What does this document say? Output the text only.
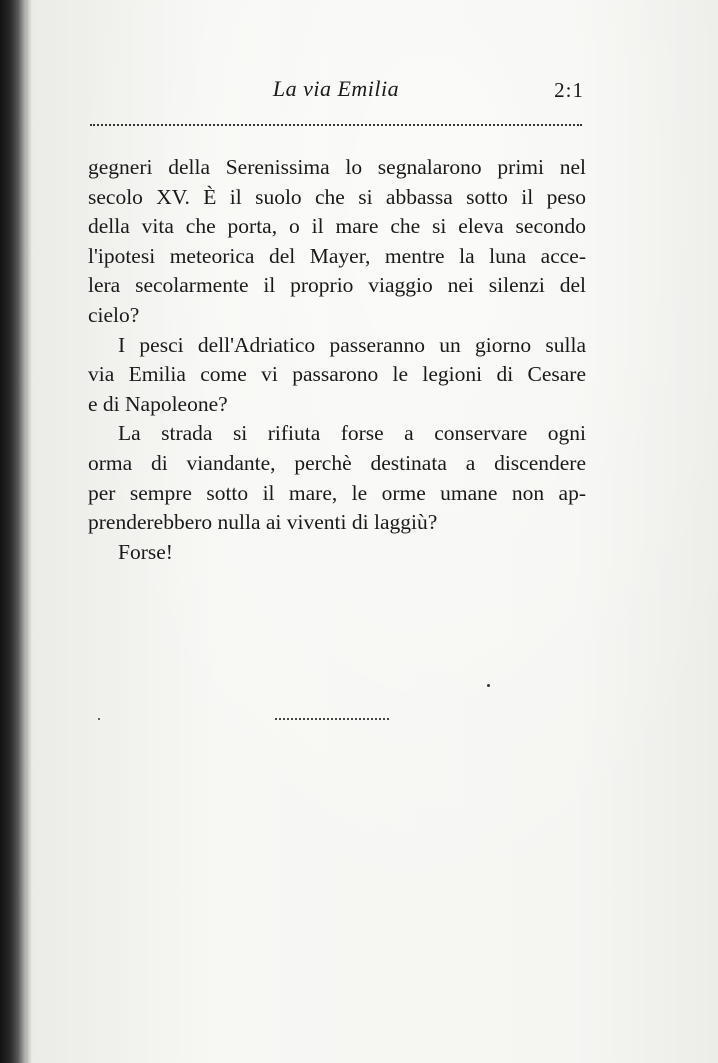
La via Emilia	2:1
gegneri della Serenissima lo segnalarono primi nel
secolo XV. È il suolo che si abbassa sotto il peso
della vita che porta, o il mare che si eleva secondo
l'ipotesi meteorica del Mayer, mentre la luna acce-
lera secolarmente il proprio viaggio nei silenzi del
cielo?
I pesci dell'Adriatico passeranno un giorno sulla
via Emilia come vi passarono le legioni di Cesare
e di Napoleone?
La strada si rifiuta forse a conservare ogni
orma di viandante, perchè destinata a discendere
per sempre sotto il mare, le orme umane non ap-
prenderebbero nulla ai viventi di laggiù?
Forse!
